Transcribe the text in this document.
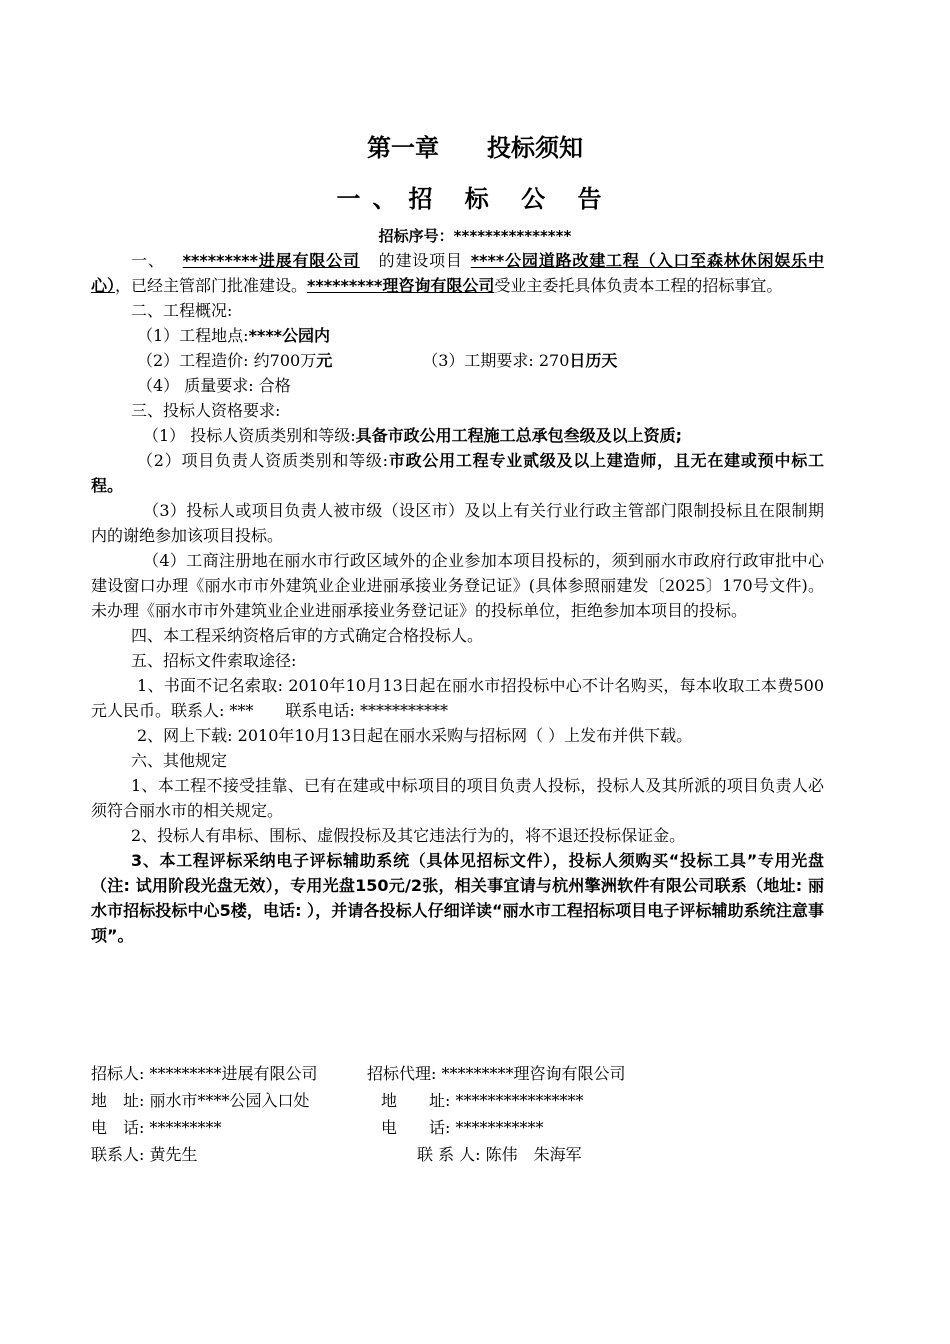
第一章　　投标须知
一、招 标 公 告
招标序号：***************

一、 *********进展有限公司 的建设项目 ****公园道路改建工程（入口至森林休闲娱乐中心），已经主管部门批准建设。*********理咨询有限公司受业主委托具体负责本工程的招标事宜。

二、工程概况:

（1）工程地点:****公园内

（2）工程造价: 约700万元	（3）工期要求: 270日历天

（4） 质量要求: 合格

三、投标人资格要求:

（1） 投标人资质类别和等级:具备市政公用工程施工总承包叁级及以上资质;

（2）项目负责人资质类别和等级:市政公用工程专业贰级及以上建造师，且无在建或预中标工程。

（3）投标人或项目负责人被市级（设区市）及以上有关行业行政主管部门限制投标且在限制期内的谢绝参加该项目投标。

（4）工商注册地在丽水市行政区域外的企业参加本项目投标的，须到丽水市政府行政审批中心建设窗口办理《丽水市市外建筑业企业进丽承接业务登记证》(具体参照丽建发〔2025〕170号文件)。未办理《丽水市市外建筑业企业进丽承接业务登记证》的投标单位，拒绝参加本项目的投标。

四、本工程采纳资格后审的方式确定合格投标人。

五、招标文件索取途径:

1、书面不记名索取: 2010年10月13日起在丽水市招投标中心不计名购买，每本收取工本费500元人民币。联系人: ***　　联系电话: ***********

2、网上下载: 2010年10月13日起在丽水采购与招标网（ ）上发布并供下载。

六、其他规定

1、本工程不接受挂靠、已有在建或中标项目的项目负责人投标，投标人及其所派的项目负责人必须符合丽水市的相关规定。

2、投标人有串标、围标、虚假投标及其它违法行为的，将不退还投标保证金。

3、本工程评标采纳电子评标辅助系统（具体见招标文件），投标人须购买“投标工具”专用光盘（注: 试用阶段光盘无效），专用光盘150元/2张，相关事宜请与杭州擎洲软件有限公司联系（地址: 丽水市招标投标中心5楼，电话: ），并请各投标人仔细详读“丽水市工程招标项目电子评标辅助系统注意事项”。

招标人: *********进展有限公司	招标代理: *********理咨询有限公司
地　址: 丽水市****公园入口处	地　　址: ****************
电　话: *********	电　　话: ***********
联系人: 黄先生	联 系 人: 陈伟　朱海军
